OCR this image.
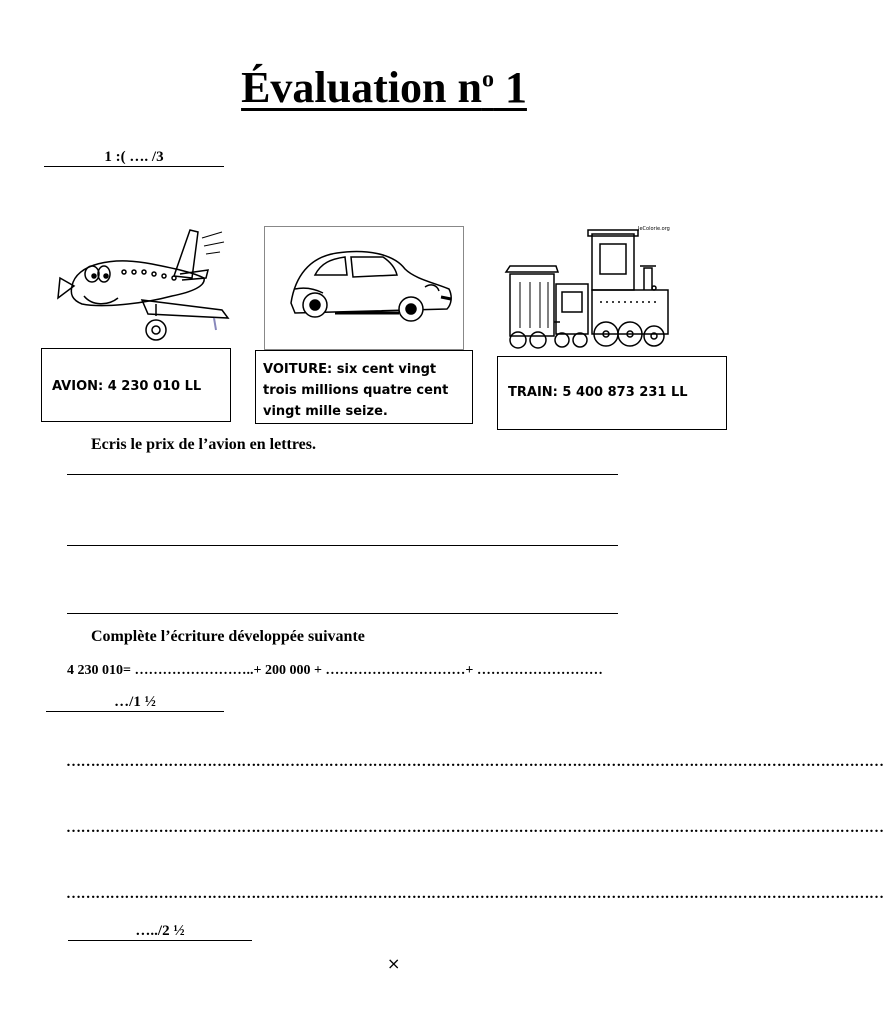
Évaluation $n^o$ 1
1 :( …. /3
JeColorie.org
AVION: 4 230 010 LL
VOITURE: six cent vingt
trois millions quatre cent
vingt mille seize.
TRAIN: 5 400 873 231 LL
Ecris le prix de l’avion en lettres.
Complète l’écriture développée suivante
4 230 010= ……………………..+ 200 000 + …………………………+ ………………………
…/1 ½
……………………………………………………………………………………………………………………………………………………
……………………………………………………………………………………………………………………………………………………
……………………………………………………………………………………………………………………………………………………
…../2 ½
×
